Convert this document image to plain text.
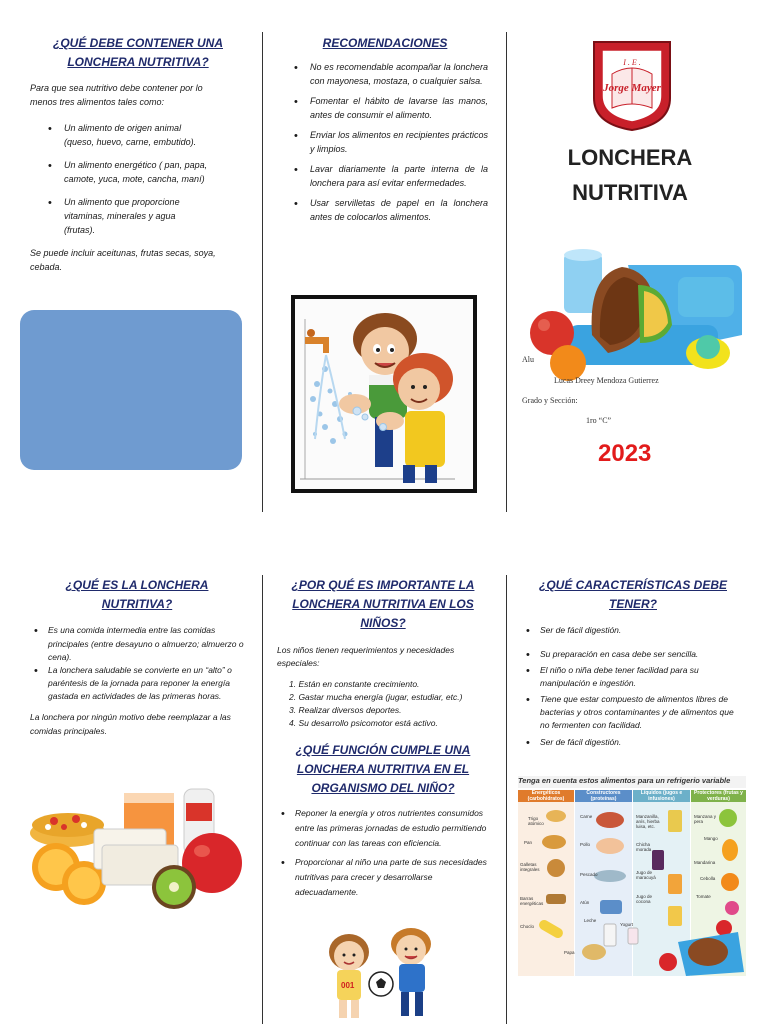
¿QUÉ DEBE CONTENER UNA LONCHERA NUTRITIVA?
Para que sea nutritivo debe contener por lo menos tres alimentos tales como:
• Un alimento de origen animal (queso, huevo, carne, embutido).
• Un alimento energético ( pan, papa, camote, yuca, mote, cancha, maní)
• Un alimento que proporcione vitaminas, minerales y agua (frutas).
Se puede incluir aceitunas, frutas secas, soya, cebada.
RECOMENDACIONES
• No es recomendable acompañar la lonchera con mayonesa, mostaza, o cualquier salsa.
• Fomentar el hábito de lavarse las manos, antes de consumir el alimento.
• Enviar los alimentos en recipientes prácticos y limpios.
• Lavar diariamente la parte interna de la lonchera para así evitar enfermedades.
• Usar servilletas de papel en la lonchera antes de colocarlos alimentos.
I . E .
Jorge Mayer
LONCHERA
NUTRITIVA
Alu
Lucas Dreey Mendoza Gutierrez
Grado y Sección:
1ro “C”
2023
¿QUÉ ES LA LONCHERA NUTRITIVA?
• Es una comida intermedia entre las comidas principales (entre desayuno o almuerzo; almuerzo o cena).
• La lonchera saludable se convierte en un “alto” o paréntesis de la jornada para reponer la energía gastada en actividades de las primeras horas.
La lonchera por ningún motivo debe reemplazar a las comidas principales.
¿POR QUÉ ES IMPORTANTE LA LONCHERA NUTRITIVA EN LOS NIÑOS?
Los niños tienen requerimientos y necesidades especiales:
1. Están en constante crecimiento.
2. Gastar mucha energía (jugar, estudiar, etc.)
3. Realizar diversos deportes.
4. Su desarrollo psicomotor está activo.
¿QUÉ FUNCIÓN CUMPLE UNA LONCHERA NUTRITIVA EN EL ORGANISMO DEL NIÑO?
• Reponer la energía y otros nutrientes consumidos entre las primeras jornadas de estudio permitiendo continuar con las tareas con eficiencia.
• Proporcionar al niño una parte de sus necesidades nutritivas para crecer y desarrollarse adecuadamente.
001
¿QUÉ CARACTERÍSTICAS DEBE TENER?
• Ser de fácil digestión.
• Su preparación en casa debe ser sencilla.
• El niño o niña debe tener facilidad para su manipulación e ingestión.
• Tiene que estar compuesto de alimentos libres de bacterias y otros contaminantes y de alimentos que no fermenten con facilidad.
• Ser de fácil digestión.
Tenga en cuenta estos alimentos para un refrigerio variable
Energéticos (carbohidratos)
Constructores (proteínas)
Líquidos (jugos e infusiones)
Protectores (frutas y verduras)
Trigo atómico
Pan
Galletas integrales
Barras energéticas
Choclo
Papa
Carne
Pollo
Pescado
Atún
Leche
Yogurt
Manzanilla, anís, hierba luisa, etc.
Chicha morada
Jugo de maracuyá
Jugo de cocona
Manzana y pera
Mango
Mandarina
Cebolla
Tomate
